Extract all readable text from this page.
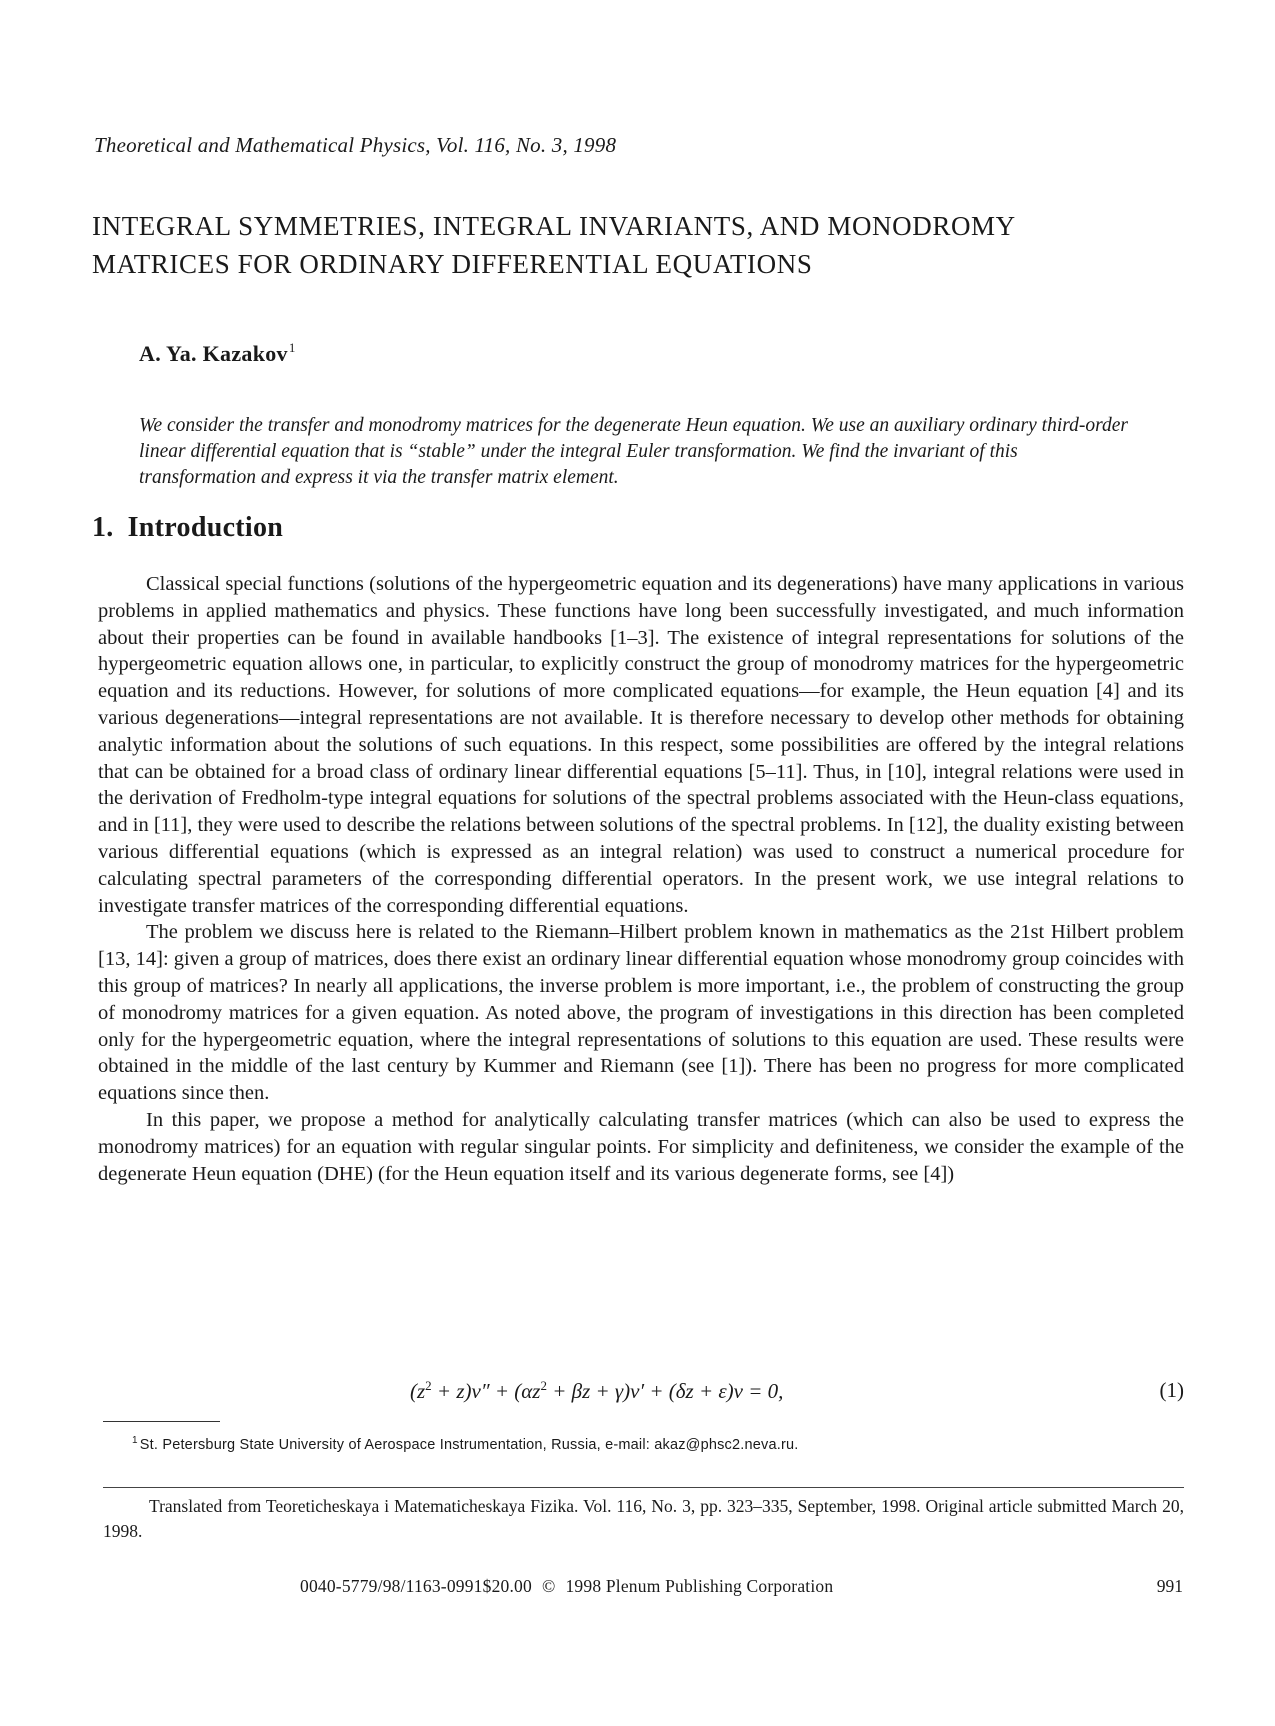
Theoretical and Mathematical Physics, Vol. 116, No. 3, 1998
INTEGRAL SYMMETRIES, INTEGRAL INVARIANTS, AND MONODROMY MATRICES FOR ORDINARY DIFFERENTIAL EQUATIONS
A. Ya. Kazakov$^1$

We consider the transfer and monodromy matrices for the degenerate Heun equation. We use an auxiliary ordinary third-order linear differential equation that is “stable” under the integral Euler transformation. We find the invariant of this transformation and express it via the transfer matrix element.

1. Introduction

Classical special functions (solutions of the hypergeometric equation and its degenerations) have many applications in various problems in applied mathematics and physics. These functions have long been successfully investigated, and much information about their properties can be found in available handbooks [1–3]. The existence of integral representations for solutions of the hypergeometric equation allows one, in particular, to explicitly construct the group of monodromy matrices for the hypergeometric equation and its reductions. However, for solutions of more complicated equations—for example, the Heun equation [4] and its various degenerations—integral representations are not available. It is therefore necessary to develop other methods for obtaining analytic information about the solutions of such equations. In this respect, some possibilities are offered by the integral relations that can be obtained for a broad class of ordinary linear differential equations [5–11]. Thus, in [10], integral relations were used in the derivation of Fredholm-type integral equations for solutions of the spectral problems associated with the Heun-class equations, and in [11], they were used to describe the relations between solutions of the spectral problems. In [12], the duality existing between various differential equations (which is expressed as an integral relation) was used to construct a numerical procedure for calculating spectral parameters of the corresponding differential operators. In the present work, we use integral relations to investigate transfer matrices of the corresponding differential equations.

The problem we discuss here is related to the Riemann–Hilbert problem known in mathematics as the 21st Hilbert problem [13, 14]: given a group of matrices, does there exist an ordinary linear differential equation whose monodromy group coincides with this group of matrices? In nearly all applications, the inverse problem is more important, i.e., the problem of constructing the group of monodromy matrices for a given equation. As noted above, the program of investigations in this direction has been completed only for the hypergeometric equation, where the integral representations of solutions to this equation are used. These results were obtained in the middle of the last century by Kummer and Riemann (see [1]). There has been no progress for more complicated equations since then.

In this paper, we propose a method for analytically calculating transfer matrices (which can also be used to express the monodromy matrices) for an equation with regular singular points. For simplicity and definiteness, we consider the example of the degenerate Heun equation (DHE) (for the Heun equation itself and its various degenerate forms, see [4])

$(z^2 + z)v'' + (\alpha z^2 + \beta z + \gamma)v' + (\delta z + \varepsilon)v = 0$,	(1)
$^1$ St. Petersburg State University of Aerospace Instrumentation, Russia, e-mail: akaz@phsc2.neva.ru.
Translated from Teoreticheskaya i Matematicheskaya Fizika. Vol. 116, No. 3, pp. 323–335, September, 1998. Original article submitted March 20, 1998.
0040-5779/98/1163-0991$20.00 © 1998 Plenum Publishing Corporation	991
